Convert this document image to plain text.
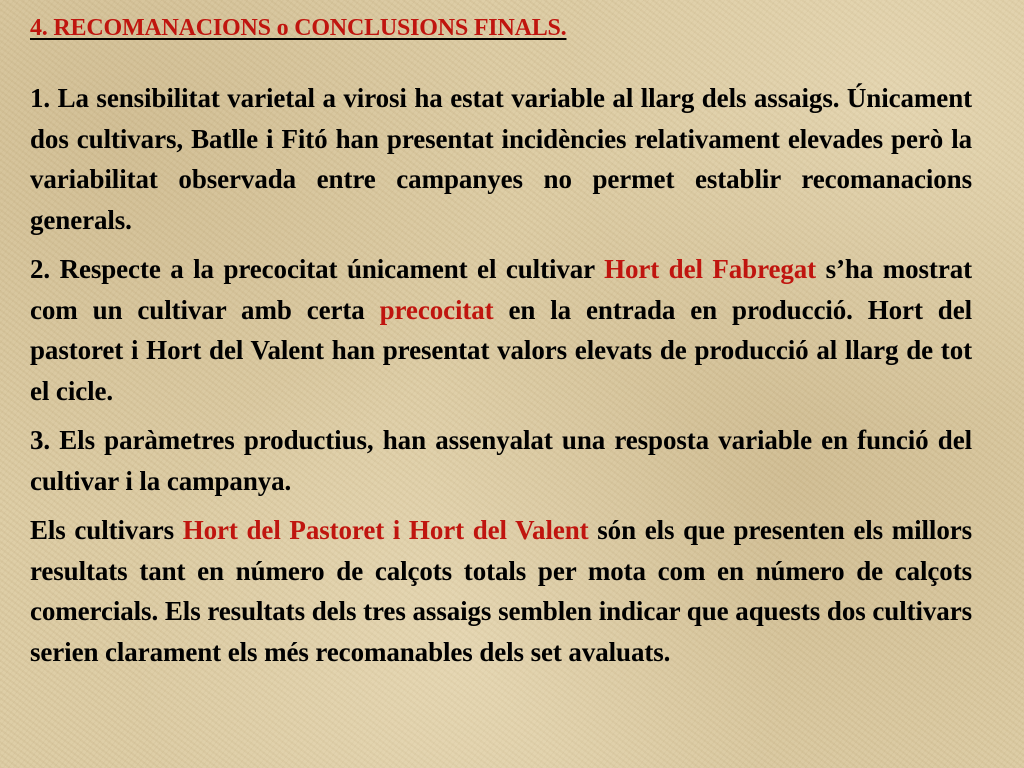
4. RECOMANACIONS o CONCLUSIONS FINALS.

1. La sensibilitat varietal a virosi ha estat variable al llarg dels assaigs. Únicament dos cultivars, Batlle i Fitó han presentat incidències relativament elevades però la variabilitat observada entre campanyes no permet establir recomanacions generals.

2. Respecte a la precocitat únicament el cultivar Hort del Fabregat s’ha mostrat com un cultivar amb certa precocitat en la entrada en producció. Hort del pastoret i Hort del Valent han presentat valors elevats de producció al llarg de tot el cicle.

3. Els paràmetres productius, han assenyalat una resposta variable en funció del cultivar i la campanya.

Els cultivars Hort del Pastoret i Hort del Valent són els que presenten els millors resultats tant en número de calçots totals per mota com en número de calçots comercials. Els resultats dels tres assaigs semblen indicar que aquests dos cultivars serien clarament els més recomanables dels set avaluats.
